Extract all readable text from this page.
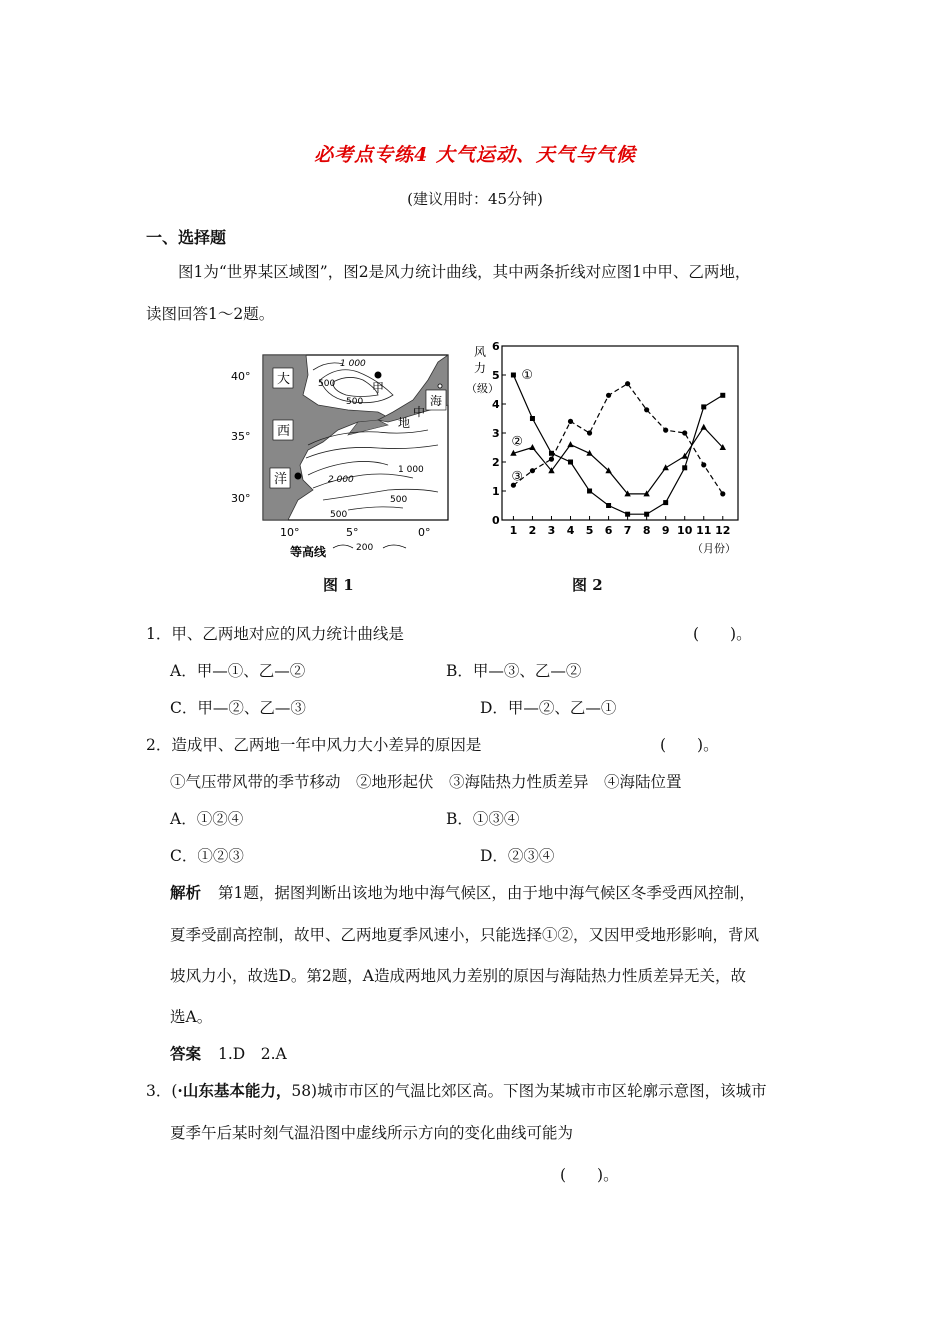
必考点专练4 大气运动、天气与气候
(建议用时：45分钟)
一、选择题
图1为“世界某区域图”，图2是风力统计曲线，其中两条折线对应图1中甲、乙两地，
读图回答1～2题。
大
西
洋
甲
中
地
海
1 000
500
500
2 000
1 000
500
500
40°
35°
30°
10°	5°	0°
等高线	200
图 1
0
1
2
3
4
5
6
1 2 3 4 5 6 7 8 9 10 11 12
①
②
③
风
力
（级）
（月份）
图 2
1．甲、乙两地对应的风力统计曲线是	(　　)。
A．甲—①、乙—②	B．甲—③、乙—②
C．甲—②、乙—③	D．甲—②、乙—①
2．造成甲、乙两地一年中风力大小差异的原因是	(　　)。
①气压带风带的季节移动　②地形起伏　③海陆热力性质差异　④海陆位置
A．①②④	B．①③④
C．①②③	D．②③④
解析 第1题，据图判断出该地为地中海气候区，由于地中海气候区冬季受西风控制，
夏季受副高控制，故甲、乙两地夏季风速小，只能选择①②，又因甲受地形影响，背风
坡风力小，故选D。第2题，A造成两地风力差别的原因与海陆热力性质差异无关，故
选A。
答案 1.D　2.A
3．(·山东基本能力，58)城市市区的气温比郊区高。下图为某城市市区轮廓示意图，该城市
夏季午后某时刻气温沿图中虚线所示方向的变化曲线可能为
(　　)。
